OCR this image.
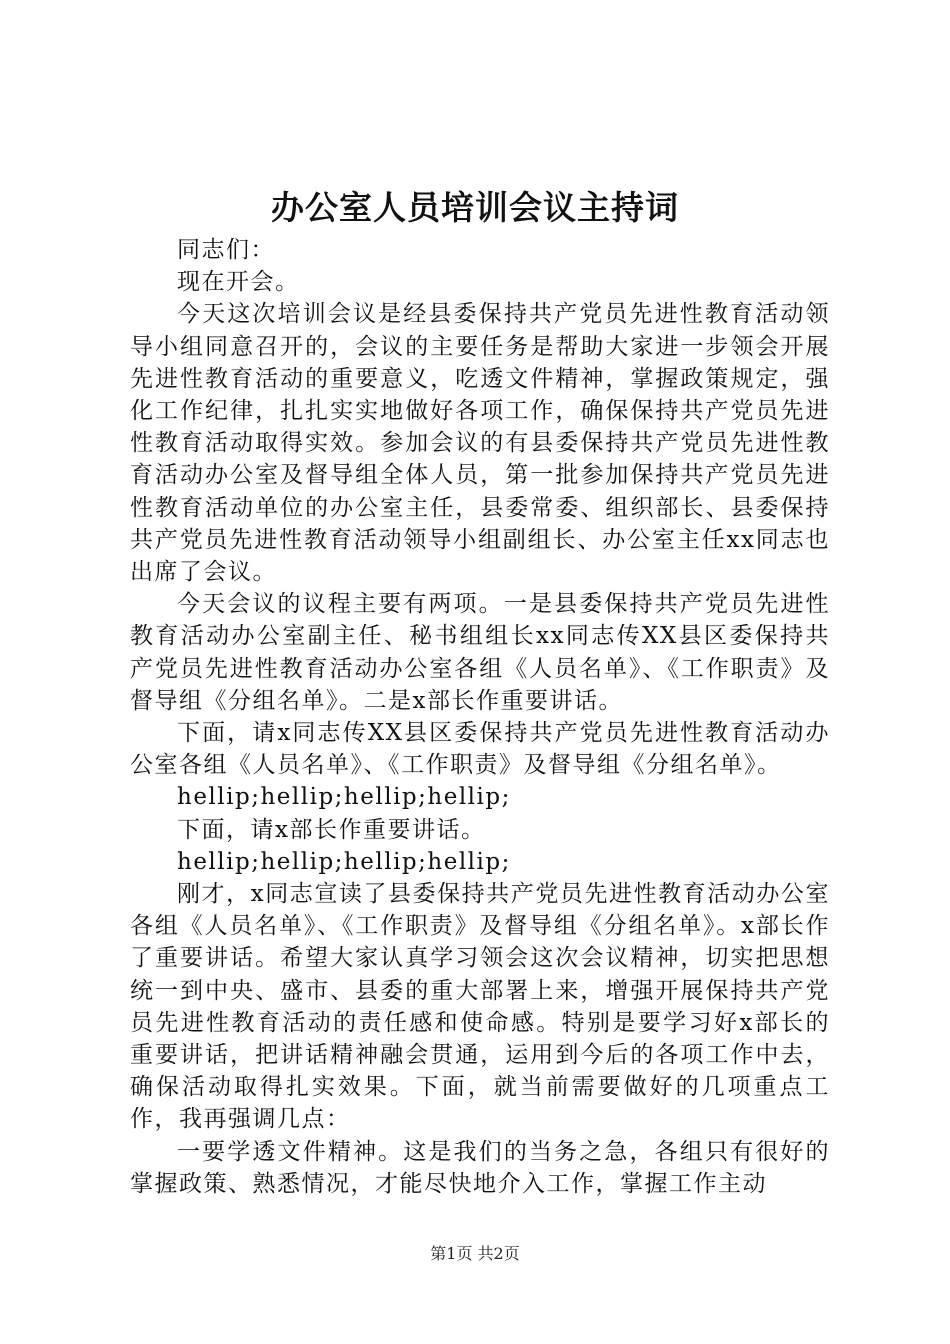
办公室人员培训会议主持词

同志们：

现在开会。

今天这次培训会议是经县委保持共产党员先进性教育活动领导小组同意召开的，会议的主要任务是帮助大家进一步领会开展先进性教育活动的重要意义，吃透文件精神，掌握政策规定，强化工作纪律，扎扎实实地做好各项工作，确保保持共产党员先进性教育活动取得实效。参加会议的有县委保持共产党员先进性教育活动办公室及督导组全体人员，第一批参加保持共产党员先进性教育活动单位的办公室主任，县委常委、组织部长、县委保持共产党员先进性教育活动领导小组副组长、办公室主任xx同志也出席了会议。

今天会议的议程主要有两项。一是县委保持共产党员先进性教育活动办公室副主任、秘书组组长xx同志传XX县区委保持共产党员先进性教育活动办公室各组《人员名单》、《工作职责》及督导组《分组名单》。二是x部长作重要讲话。

下面，请x同志传XX县区委保持共产党员先进性教育活动办公室各组《人员名单》、《工作职责》及督导组《分组名单》。

hellip;hellip;hellip;hellip;

下面，请x部长作重要讲话。

hellip;hellip;hellip;hellip;

刚才，x同志宣读了县委保持共产党员先进性教育活动办公室各组《人员名单》、《工作职责》及督导组《分组名单》。x部长作了重要讲话。希望大家认真学习领会这次会议精神，切实把思想统一到中央、盛市、县委的重大部署上来，增强开展保持共产党员先进性教育活动的责任感和使命感。特别是要学习好x部长的重要讲话，把讲话精神融会贯通，运用到今后的各项工作中去，确保活动取得扎实效果。下面，就当前需要做好的几项重点工作，我再强调几点：

一要学透文件精神。这是我们的当务之急，各组只有很好的掌握政策、熟悉情况，才能尽快地介入工作，掌握工作主动

第1页 共2页
